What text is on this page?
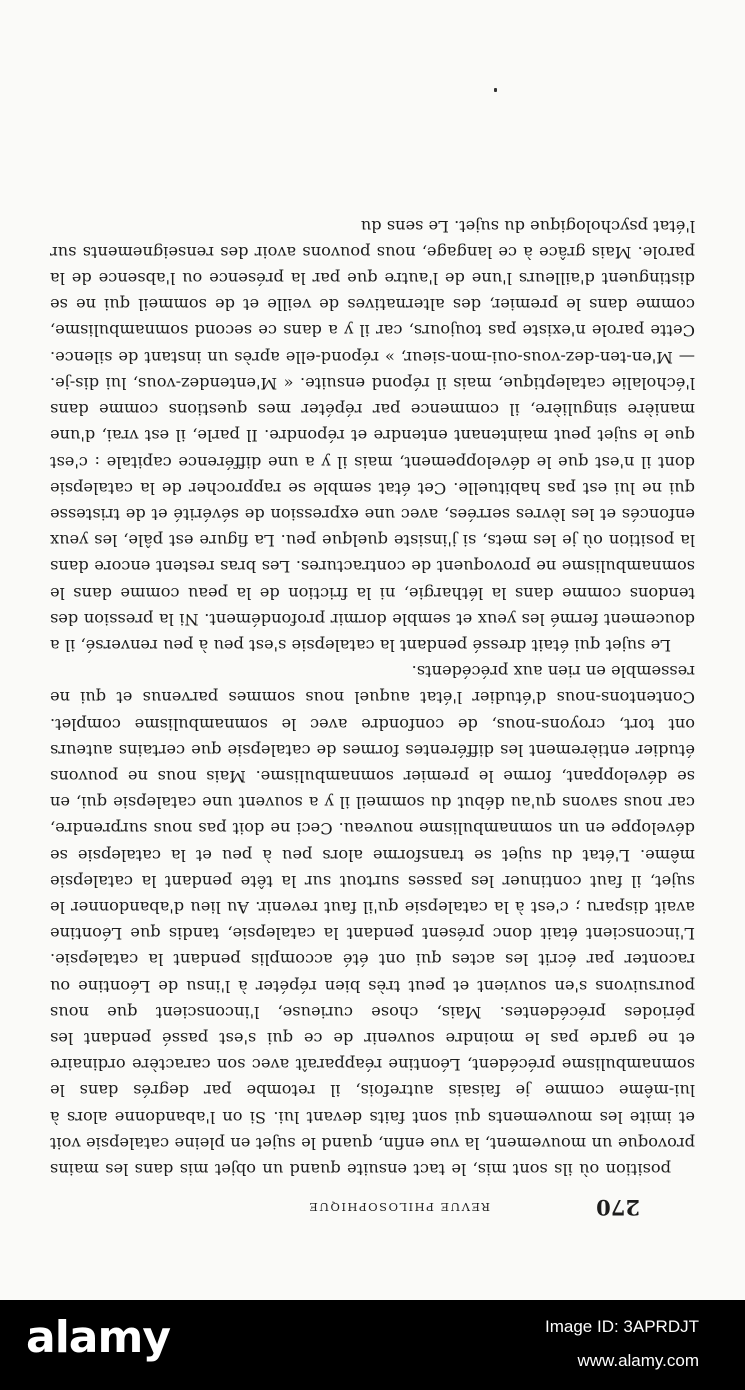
270
REVUE PHILOSOPHIQUE

position où ils sont mis, le tact ensuite quand un objet mis dans les mains provoque un mouvement, la vue enfin, quand le sujet en pleine catalepsie voit et imite les mouvements qui sont faits devant lui. Si on l'abandonne alors à lui-même comme je faisais autrefois, il retombe par degrés dans le somnambulisme précédent, Léontine réapparaît avec son caractère ordinaire et ne garde pas le moindre souvenir de ce qui s'est passé pendant les périodes précédentes. Mais, chose curieuse, l'inconscient que nous poursuivons s'en souvient et peut très bien répéter à l'insu de Léontine ou raconter par écrit les actes qui ont été accomplis pendant la catalepsie. L'inconscient était donc présent pendant la catalepsie, tandis que Léontine avait disparu ; c'est à la catalepsie qu'il faut revenir. Au lieu d'abandonner le sujet, il faut continuer les passes surtout sur la tête pendant la catalepsie même. L'état du sujet se transforme alors peu à peu et la catalepsie se développe en un somnambulisme nouveau. Ceci ne doit pas nous surprendre, car nous savons qu'au début du sommeil il y a souvent une catalepsie qui, en se développant, forme le premier somnambulisme. Mais nous ne pouvons étudier entièrement les différentes formes de catalepsie que certains auteurs ont tort, croyons-nous, de confondre avec le somnambulisme complet. Contentons-nous d'étudier l'état auquel nous sommes parvenus et qui ne ressemble en rien aux précédents.

Le sujet qui était dressé pendant la catalepsie s'est peu à peu renversé, il a doucement fermé les yeux et semble dormir profondément. Ni la pression des tendons comme dans la léthargie, ni la friction de la peau comme dans le somnambulisme ne provoquent de contractures. Les bras restent encore dans la position où je les mets, si j'insiste quelque peu. La figure est pâle, les yeux enfoncés et les lèvres serrées, avec une expression de sévérité et de tristesse qui ne lui est pas habituelle. Cet état semble se rapprocher de la catalepsie dont il n'est que le développement, mais il y a une différence capitale : c'est que le sujet peut maintenant entendre et répondre. Il parle, il est vrai, d'une manière singulière, il commence par répéter mes questions comme dans l'écholalie cataleptique, mais il répond ensuite. « M'entendez-vous, lui dis-je. — M'en-ten-dez-vous-oui-mon-sieur, » répond-elle après un instant de silence. Cette parole n'existe pas toujours, car il y a dans ce second somnambulisme, comme dans le premier, des alternatives de veille et de sommeil qui ne se distinguent d'ailleurs l'une de l'autre que par la présence ou l'absence de la parole. Mais grâce à ce langage, nous pouvons avoir des renseignements sur l'état psychologique du sujet. Le sens du

alamy	Image ID: 3APRDJT
www.alamy.com
